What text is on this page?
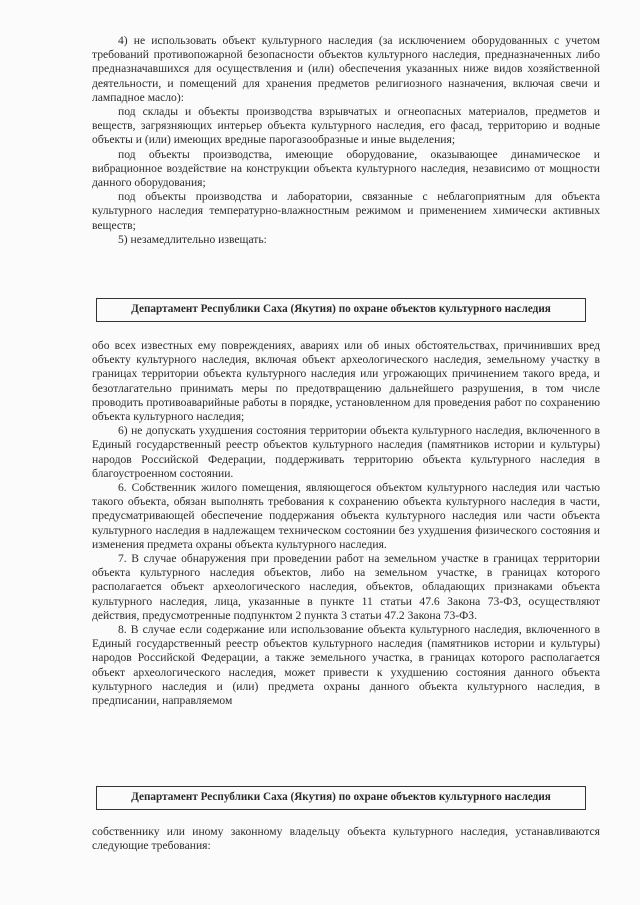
4) не использовать объект культурного наследия (за исключением оборудованных с учетом требований противопожарной безопасности объектов культурного наследия, предназначенных либо предназначавшихся для осуществления и (или) обеспечения указанных ниже видов хозяйственной деятельности, и помещений для хранения предметов религиозного назначения, включая свечи и лампадное масло):

под склады и объекты производства взрывчатых и огнеопасных материалов, предметов и веществ, загрязняющих интерьер объекта культурного наследия, его фасад, территорию и водные объекты и (или) имеющих вредные парогазообразные и иные выделения;

под объекты производства, имеющие оборудование, оказывающее динамическое и вибрационное воздействие на конструкции объекта культурного наследия, независимо от мощности данного оборудования;

под объекты производства и лаборатории, связанные с неблагоприятным для объекта культурного наследия температурно-влажностным режимом и применением химически активных веществ;

5) незамедлительно извещать:

Департамент Республики Саха (Якутия) по охране объектов культурного наследия

обо всех известных ему повреждениях, авариях или об иных обстоятельствах, причинивших вред объекту культурного наследия, включая объект археологического наследия, земельному участку в границах территории объекта культурного наследия или угрожающих причинением такого вреда, и безотлагательно принимать меры по предотвращению дальнейшего разрушения, в том числе проводить противоаварийные работы в порядке, установленном для проведения работ по сохранению объекта культурного наследия;

6) не допускать ухудшения состояния территории объекта культурного наследия, включенного в Единый государственный реестр объектов культурного наследия (памятников истории и культуры) народов Российской Федерации, поддерживать территорию объекта культурного наследия в благоустроенном состоянии.

6. Собственник жилого помещения, являющегося объектом культурного наследия или частью такого объекта, обязан выполнять требования к сохранению объекта культурного наследия в части, предусматривающей обеспечение поддержания объекта культурного наследия или части объекта культурного наследия в надлежащем техническом состоянии без ухудшения физического состояния и изменения предмета охраны объекта культурного наследия.

7. В случае обнаружения при проведении работ на земельном участке в границах территории объекта культурного наследия объектов, либо на земельном участке, в границах которого располагается объект археологического наследия, объектов, обладающих признаками объекта культурного наследия, лица, указанные в пункте 11 статьи 47.6 Закона 73-ФЗ, осуществляют действия, предусмотренные подпунктом 2 пункта 3 статьи 47.2 Закона 73-ФЗ.

8. В случае если содержание или использование объекта культурного наследия, включенного в Единый государственный реестр объектов культурного наследия (памятников истории и культуры) народов Российской Федерации, а также земельного участка, в границах которого располагается объект археологического наследия, может привести к ухудшению состояния данного объекта культурного наследия и (или) предмета охраны данного объекта культурного наследия, в предписании, направляемом

Департамент Республики Саха (Якутия) по охране объектов культурного наследия

собственнику или иному законному владельцу объекта культурного наследия, устанавливаются следующие требования:
